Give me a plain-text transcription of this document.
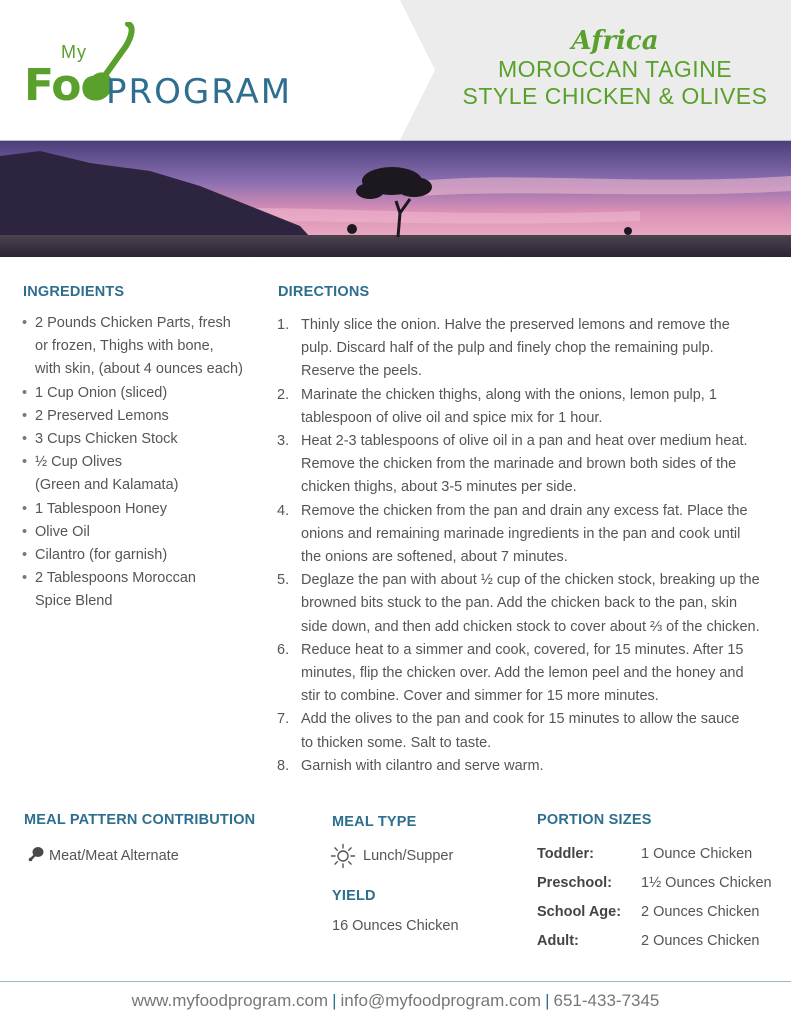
My
Foo
PROGRAM
Africa
MOROCCAN TAGINE
STYLE CHICKEN & OLIVES
INGREDIENTS
• 2 Pounds Chicken Parts, fresh
or frozen, Thighs with bone,
with skin, (about 4 ounces each)
• 1 Cup Onion (sliced)
• 2 Preserved Lemons
• 3 Cups Chicken Stock
• ½ Cup Olives
(Green and Kalamata)
• 1 Tablespoon Honey
• Olive Oil
• Cilantro (for garnish)
• 2 Tablespoons Moroccan
Spice Blend
DIRECTIONS
1. Thinly slice the onion. Halve the preserved lemons and remove the
pulp. Discard half of the pulp and finely chop the remaining pulp.
Reserve the peels.
2. Marinate the chicken thighs, along with the onions, lemon pulp, 1
tablespoon of olive oil and spice mix for 1 hour.
3. Heat 2-3 tablespoons of olive oil in a pan and heat over medium heat.
Remove the chicken from the marinade and brown both sides of the
chicken thighs, about 3-5 minutes per side.
4. Remove the chicken from the pan and drain any excess fat. Place the
onions and remaining marinade ingredients in the pan and cook until
the onions are softened, about 7 minutes.
5. Deglaze the pan with about ½ cup of the chicken stock, breaking up the
browned bits stuck to the pan. Add the chicken back to the pan, skin
side down, and then add chicken stock to cover about ⅔ of the chicken.
6. Reduce heat to a simmer and cook, covered, for 15 minutes. After 15
minutes, flip the chicken over. Add the lemon peel and the honey and
stir to combine. Cover and simmer for 15 more minutes.
7. Add the olives to the pan and cook for 15 minutes to allow the sauce
to thicken some. Salt to taste.
8. Garnish with cilantro and serve warm.
MEAL PATTERN CONTRIBUTION
Meat/Meat Alternate
MEAL TYPE
Lunch/Supper
YIELD
16 Ounces Chicken
PORTION SIZES
Toddler:	1 Ounce Chicken
Preschool: 1½ Ounces Chicken
School Age: 2 Ounces Chicken
Adult:	2 Ounces Chicken
www.myfoodprogram.com | info@myfoodprogram.com | 651-433-7345
